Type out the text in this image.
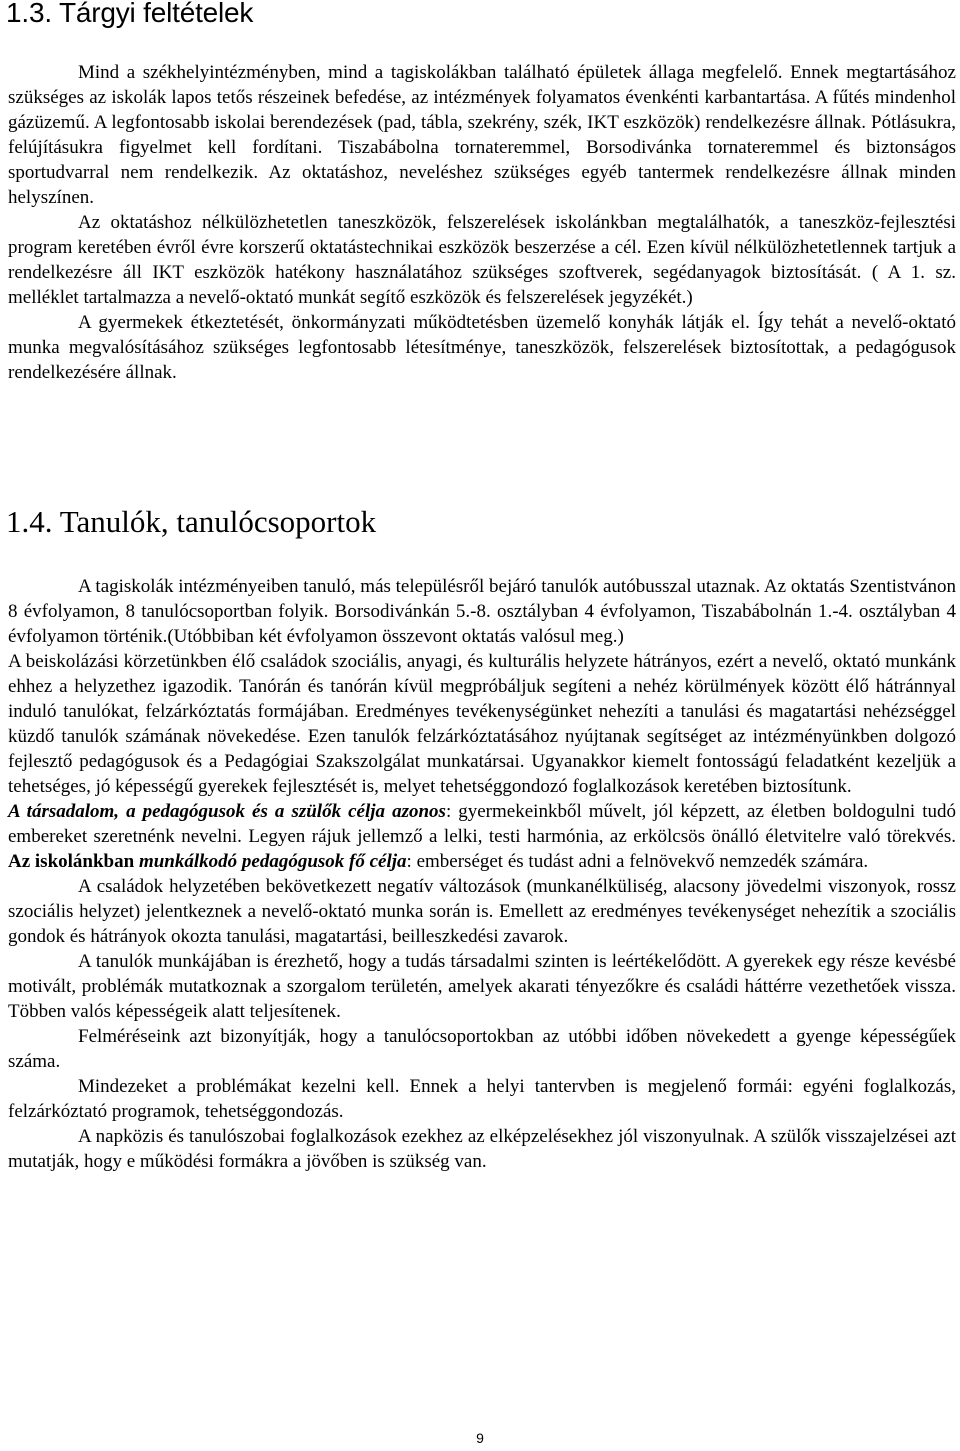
1.3. Tárgyi feltételek

Mind a székhelyintézményben, mind a tagiskolákban található épületek állaga megfelelő. Ennek megtartásához szükséges az iskolák lapos tetős részeinek befedése, az intézmények folyamatos évenkénti karbantartása. A fűtés mindenhol gázüzemű. A legfontosabb iskolai berendezések (pad, tábla, szekrény, szék, IKT eszközök) rendelkezésre állnak. Pótlásukra, felújításukra figyelmet kell fordítani. Tiszabábolna tornateremmel, Borsodivánka tornateremmel és biztonságos sportudvarral nem rendelkezik. Az oktatáshoz, neveléshez szükséges egyéb tantermek rendelkezésre állnak minden helyszínen.

Az oktatáshoz nélkülözhetetlen taneszközök, felszerelések iskolánkban megtalálhatók, a taneszköz-fejlesztési program keretében évről évre korszerű oktatástechnikai eszközök beszerzése a cél. Ezen kívül nélkülözhetetlennek tartjuk a rendelkezésre áll IKT eszközök hatékony használatához szükséges szoftverek, segédanyagok biztosítását. ( A 1. sz. melléklet tartalmazza a nevelő-oktató munkát segítő eszközök és felszerelések jegyzékét.)

A gyermekek étkeztetését, önkormányzati működtetésben üzemelő konyhák látják el. Így tehát a nevelő-oktató munka megvalósításához szükséges legfontosabb létesítménye, taneszközök, felszerelések biztosítottak, a pedagógusok rendelkezésére állnak.

1.4. Tanulók, tanulócsoportok

A tagiskolák intézményeiben tanuló, más településről bejáró tanulók autóbusszal utaznak. Az oktatás Szentistvánon 8 évfolyamon, 8 tanulócsoportban folyik. Borsodivánkán 5.-8. osztályban 4 évfolyamon, Tiszabábolnán 1.-4. osztályban 4 évfolyamon történik.(Utóbbiban két évfolyamon összevont oktatás valósul meg.)

A beiskolázási körzetünkben élő családok szociális, anyagi, és kulturális helyzete hátrányos, ezért a nevelő, oktató munkánk ehhez a helyzethez igazodik. Tanórán és tanórán kívül megpróbáljuk segíteni a nehéz körülmények között élő hátránnyal induló tanulókat, felzárkóztatás formájában. Eredményes tevékenységünket nehezíti a tanulási és magatartási nehézséggel küzdő tanulók számának növekedése. Ezen tanulók felzárkóztatásához nyújtanak segítséget az intézményünkben dolgozó fejlesztő pedagógusok és a Pedagógiai Szakszolgálat munkatársai. Ugyanakkor kiemelt fontosságú feladatként kezeljük a tehetséges, jó képességű gyerekek fejlesztését is, melyet tehetséggondozó foglalkozások keretében biztosítunk.

A társadalom, a pedagógusok és a szülők célja azonos: gyermekeinkből művelt, jól képzett, az életben boldogulni tudó embereket szeretnénk nevelni. Legyen rájuk jellemző a lelki, testi harmónia, az erkölcsös önálló életvitelre való törekvés. Az iskolánkban munkálkodó pedagógusok fő célja: emberséget és tudást adni a felnövekvő nemzedék számára.

A családok helyzetében bekövetkezett negatív változások (munkanélküliség, alacsony jövedelmi viszonyok, rossz szociális helyzet) jelentkeznek a nevelő-oktató munka során is. Emellett az eredményes tevékenységet nehezítik a szociális gondok és hátrányok okozta tanulási, magatartási, beilleszkedési zavarok.

A tanulók munkájában is érezhető, hogy a tudás társadalmi szinten is leértékelődött. A gyerekek egy része kevésbé motivált, problémák mutatkoznak a szorgalom területén, amelyek akarati tényezőkre és családi háttérre vezethetőek vissza. Többen valós képességeik alatt teljesítenek.

Felméréseink azt bizonyítják, hogy a tanulócsoportokban az utóbbi időben növekedett a gyenge képességűek száma.

Mindezeket a problémákat kezelni kell. Ennek a helyi tantervben is megjelenő formái: egyéni foglalkozás, felzárkóztató programok, tehetséggondozás.

A napközis és tanulószobai foglalkozások ezekhez az elképzelésekhez jól viszonyulnak. A szülők visszajelzései azt mutatják, hogy e működési formákra a jövőben is szükség van.

9
